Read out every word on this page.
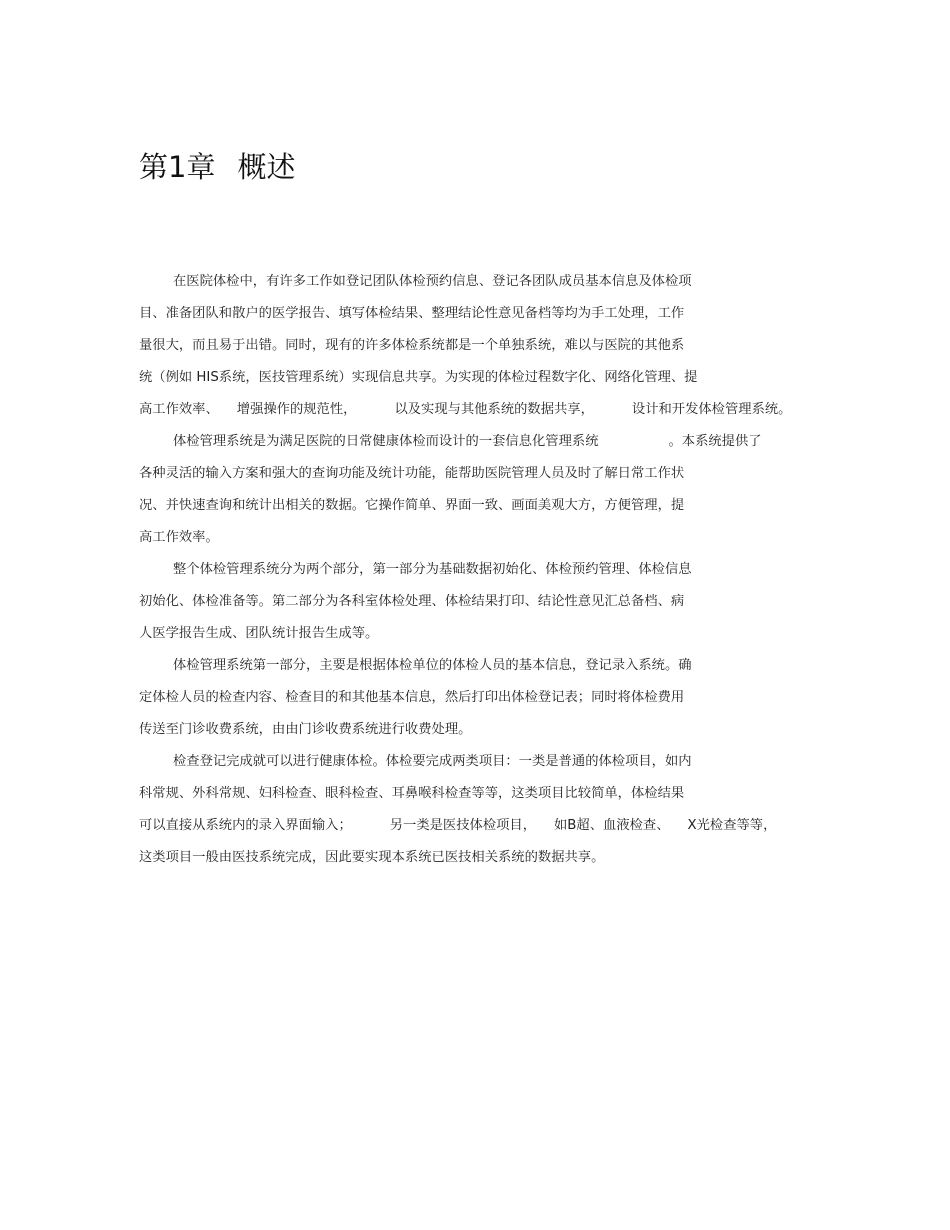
第1章 概述
在医院体检中，有许多工作如登记团队体检预约信息、登记各团队成员基本信息及体检项
目、准备团队和散户的医学报告、填写体检结果、整理结论性意见备档等均为手工处理，工作
量很大，而且易于出错。同时，现有的许多体检系统都是一个单独系统，难以与医院的其他系
统（例如 HIS系统，医技管理系统）实现信息共享。为实现的体检过程数字化、网络化管理、提
高工作效率、 增强操作的规范性，	以及实现与其他系统的数据共享，	设计和开发体检管理系统。
体检管理系统是为满足医院的日常健康体检而设计的一套信息化管理系统	。本系统提供了
各种灵活的输入方案和强大的查询功能及统计功能，能帮助医院管理人员及时了解日常工作状
况、并快速查询和统计出相关的数据。它操作简单、界面一致、画面美观大方，方便管理，提
高工作效率。
整个体检管理系统分为两个部分，第一部分为基础数据初始化、体检预约管理、体检信息
初始化、体检准备等。第二部分为各科室体检处理、体检结果打印、结论性意见汇总备档、病
人医学报告生成、团队统计报告生成等。
体检管理系统第一部分，主要是根据体检单位的体检人员的基本信息，登记录入系统。确
定体检人员的检查内容、检查目的和其他基本信息，然后打印出体检登记表；同时将体检费用
传送至门诊收费系统，由由门诊收费系统进行收费处理。
检查登记完成就可以进行健康体检。体检要完成两类项目：一类是普通的体检项目，如内
科常规、外科常规、妇科检查、眼科检查、耳鼻喉科检查等等，这类项目比较简单，体检结果
可以直接从系统内的录入界面输入；	另一类是医技体检项目， 如B超、血液检查、 X光检查等等，
这类项目一般由医技系统完成，因此要实现本系统已医技相关系统的数据共享。
